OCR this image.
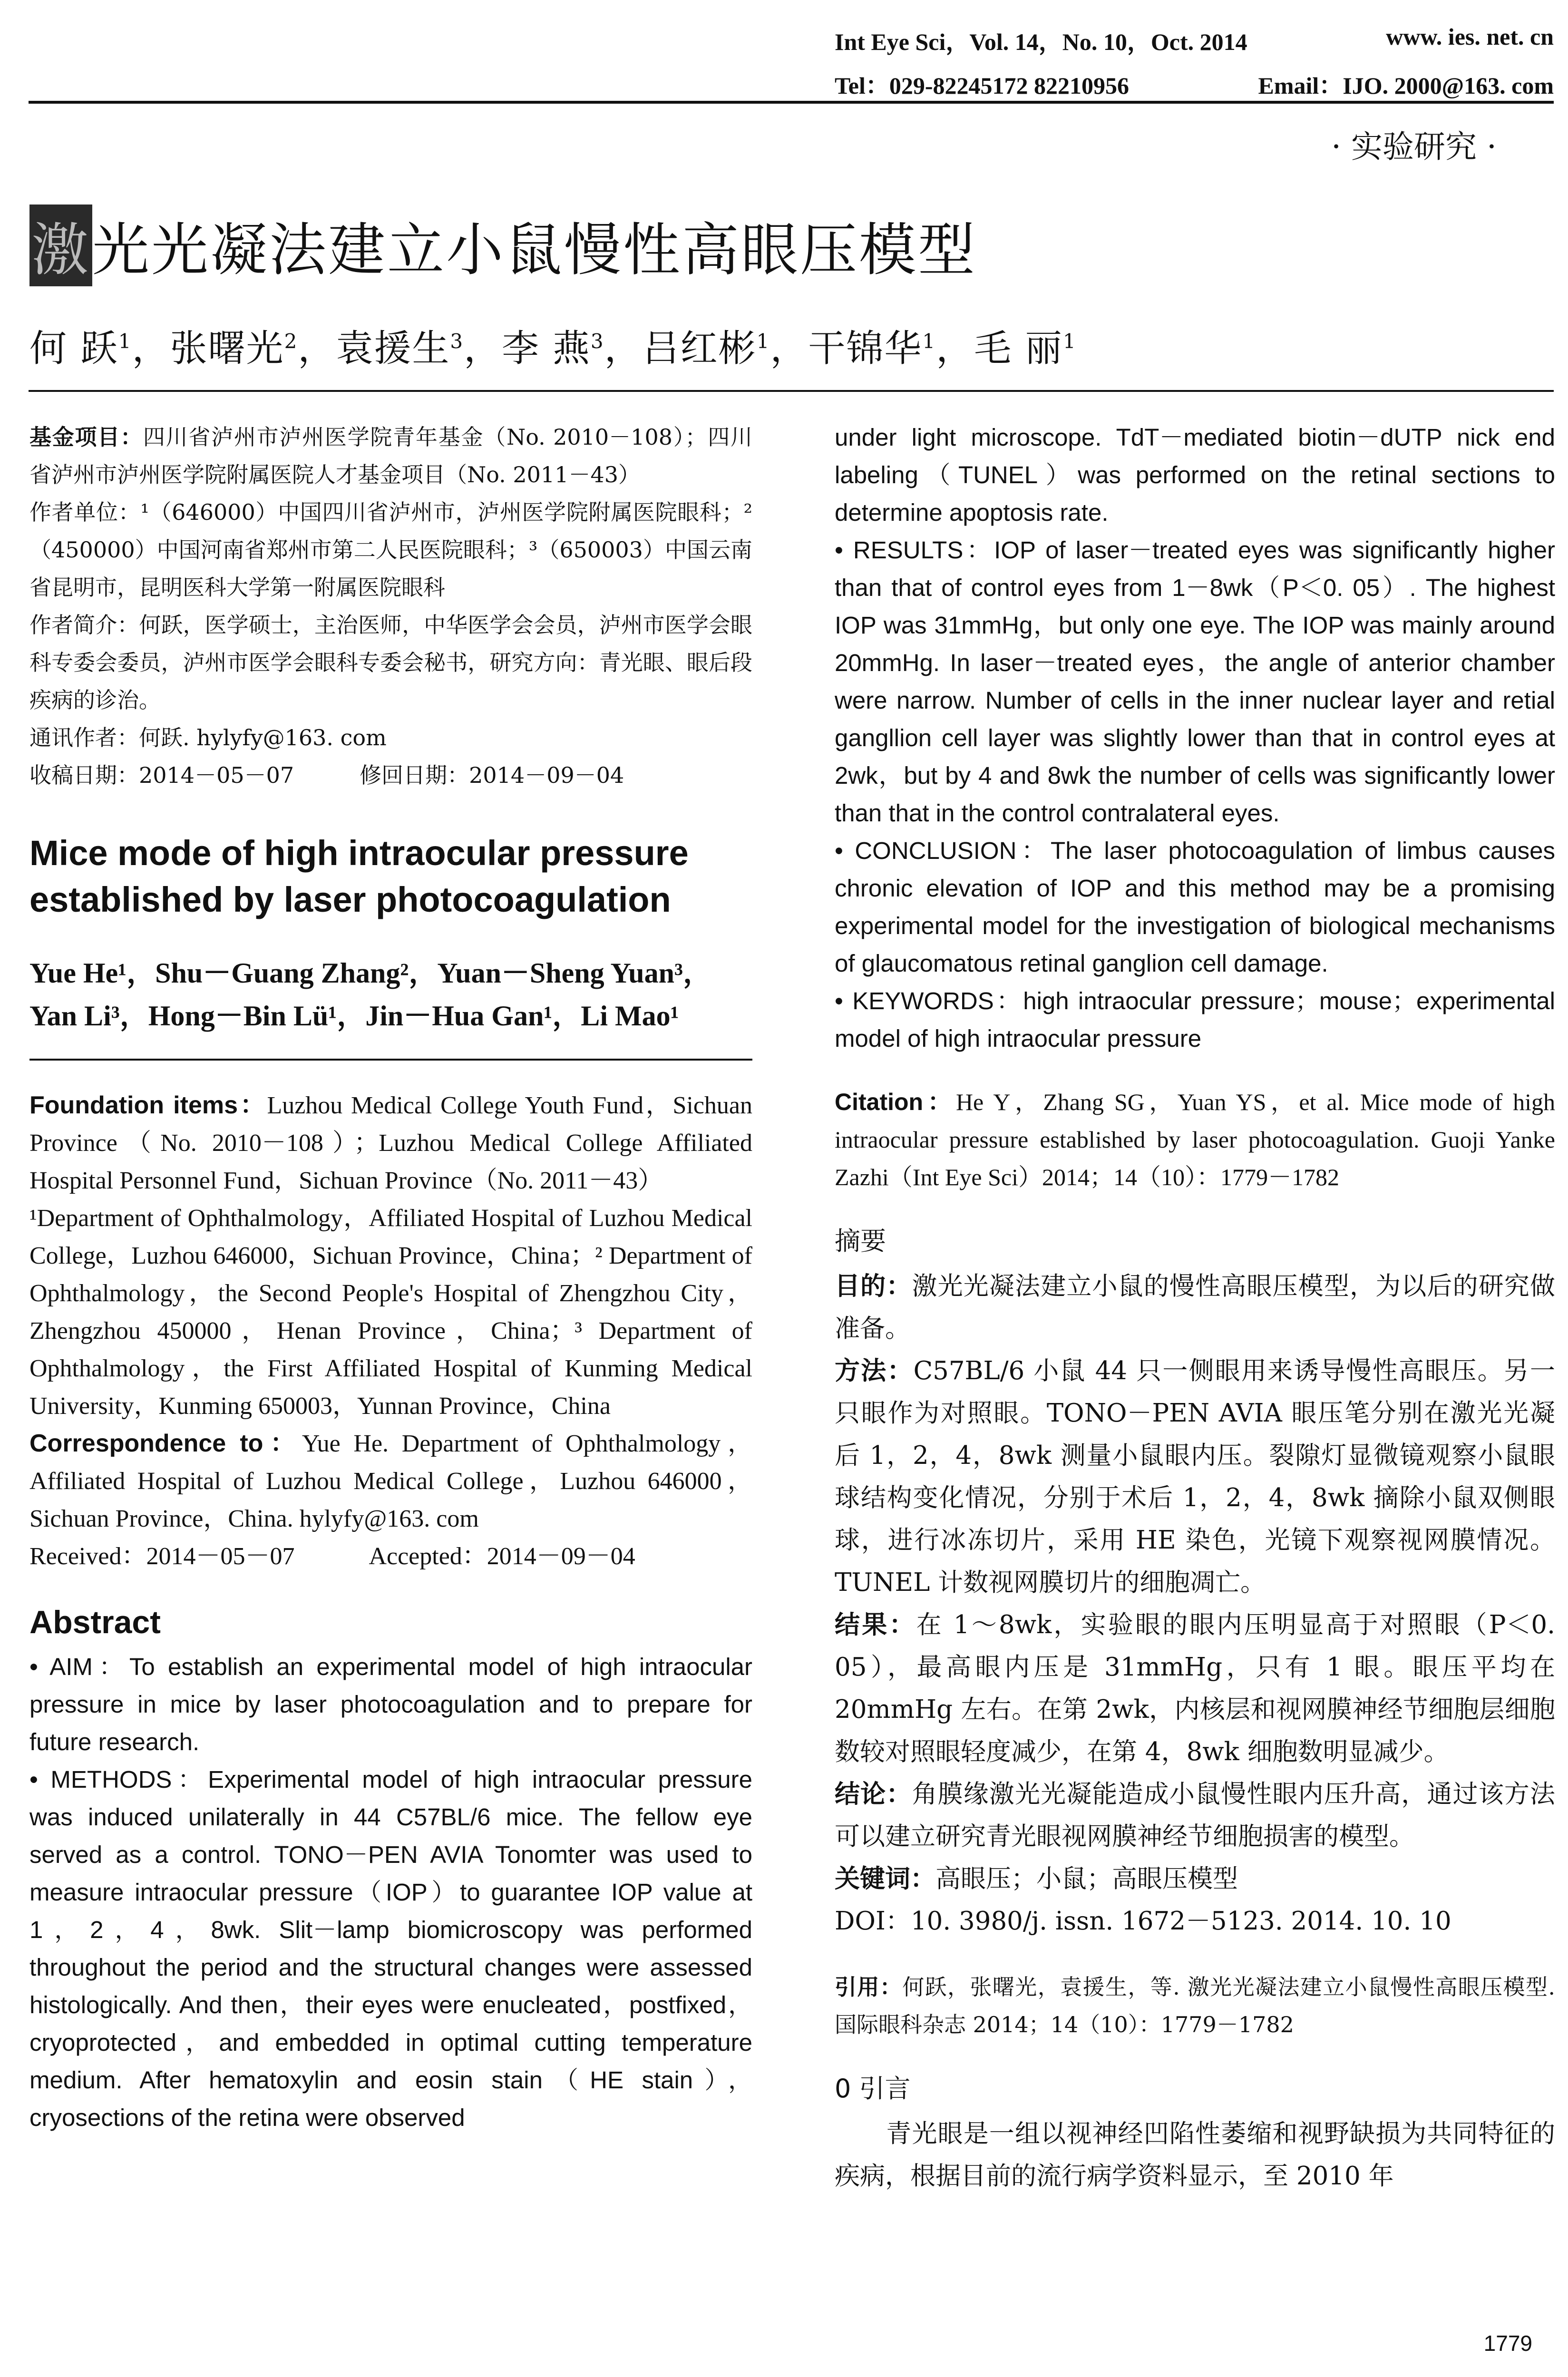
Int Eye Sci，Vol. 14，No. 10，Oct. 2014	www. ies. net. cn
Tel：029-82245172 82210956	Email：IJO. 2000@163. com
· 实验研究 ·
激光光凝法建立小鼠慢性高眼压模型
何 跃$^1$，张曙光$^2$，袁援生$^3$，李 燕$^3$，吕红彬$^1$，干锦华$^1$，毛 丽$^1$

基金项目：四川省泸州市泸州医学院青年基金（No. 2010－108）；四川省泸州市泸州医学院附属医院人才基金项目（No. 2011－43）

作者单位：¹（646000）中国四川省泸州市，泸州医学院附属医院眼科；²（450000）中国河南省郑州市第二人民医院眼科；³（650003）中国云南省昆明市，昆明医科大学第一附属医院眼科

作者简介：何跃，医学硕士，主治医师，中华医学会会员，泸州市医学会眼科专委会委员，泸州市医学会眼科专委会秘书，研究方向：青光眼、眼后段疾病的诊治。

通讯作者：何跃. hylyfy@163. com

收稿日期：2014－05－07　　　修回日期：2014－09－04

Mice mode of high intraocular pressure established by laser photocoagulation

Yue He¹，Shu－Guang Zhang²，Yuan－Sheng Yuan³，

Yan Li³，Hong－Bin Lü¹，Jin－Hua Gan¹，Li Mao¹

Foundation items：Luzhou Medical College Youth Fund，Sichuan Province（No. 2010－108）；Luzhou Medical College Affiliated Hospital Personnel Fund，Sichuan Province（No. 2011－43）

¹Department of Ophthalmology，Affiliated Hospital of Luzhou Medical College，Luzhou 646000，Sichuan Province，China；² Department of Ophthalmology，the Second People's Hospital of Zhengzhou City，Zhengzhou 450000，Henan Province，China；³ Department of Ophthalmology，the First Affiliated Hospital of Kunming Medical University，Kunming 650003，Yunnan Province，China

Correspondence to：Yue He. Department of Ophthalmology，Affiliated Hospital of Luzhou Medical College，Luzhou 646000，Sichuan Province，China. hylyfy@163. com

Received：2014－05－07　　　Accepted：2014－09－04

Abstract

• AIM：To establish an experimental model of high intraocular pressure in mice by laser photocoagulation and to prepare for future research.

• METHODS：Experimental model of high intraocular pressure was induced unilaterally in 44 C57BL/6 mice. The fellow eye served as a control. TONO－PEN AVIA Tonomter was used to measure intraocular pressure（IOP）to guarantee IOP value at 1，2，4，8wk. Slit－lamp biomicroscopy was performed throughout the period and the structural changes were assessed histologically. And then，their eyes were enucleated，postfixed，cryoprotected，and embedded in optimal cutting temperature medium. After hematoxylin and eosin stain（HE stain），cryosections of the retina were observed

under light microscope. TdT－mediated biotin－dUTP nick end labeling（TUNEL）was performed on the retinal sections to determine apoptosis rate.

• RESULTS：IOP of laser－treated eyes was significantly higher than that of control eyes from 1－8wk（P＜0. 05）. The highest IOP was 31mmHg，but only one eye. The IOP was mainly around 20mmHg. In laser－treated eyes，the angle of anterior chamber were narrow. Number of cells in the inner nuclear layer and retial gangllion cell layer was slightly lower than that in control eyes at 2wk，but by 4 and 8wk the number of cells was significantly lower than that in the control contralateral eyes.

• CONCLUSION：The laser photocoagulation of limbus causes chronic elevation of IOP and this method may be a promising experimental model for the investigation of biological mechanisms of glaucomatous retinal ganglion cell damage.

• KEYWORDS：high intraocular pressure；mouse；experimental model of high intraocular pressure

Citation：He Y，Zhang SG，Yuan YS，et al. Mice mode of high intraocular pressure established by laser photocoagulation. Guoji Yanke Zazhi（Int Eye Sci）2014；14（10）：1779－1782

摘要

目的：激光光凝法建立小鼠的慢性高眼压模型，为以后的研究做准备。

方法：C57BL/6 小鼠 44 只一侧眼用来诱导慢性高眼压。另一只眼作为对照眼。TONO－PEN AVIA 眼压笔分别在激光光凝后 1，2，4，8wk 测量小鼠眼内压。裂隙灯显微镜观察小鼠眼球结构变化情况，分别于术后 1，2，4，8wk 摘除小鼠双侧眼球，进行冰冻切片，采用 HE 染色，光镜下观察视网膜情况。TUNEL 计数视网膜切片的细胞凋亡。

结果：在 1～8wk，实验眼的眼内压明显高于对照眼（P＜0. 05），最高眼内压是 31mmHg，只有 1 眼。眼压平均在 20mmHg 左右。在第 2wk，内核层和视网膜神经节细胞层细胞数较对照眼轻度减少，在第 4，8wk 细胞数明显减少。

结论：角膜缘激光光凝能造成小鼠慢性眼内压升高，通过该方法可以建立研究青光眼视网膜神经节细胞损害的模型。

关键词：高眼压；小鼠；高眼压模型

DOI：10. 3980/j. issn. 1672－5123. 2014. 10. 10

引用：何跃，张曙光，袁援生，等. 激光光凝法建立小鼠慢性高眼压模型. 国际眼科杂志 2014；14（10）：1779－1782

0 引言

　　青光眼是一组以视神经凹陷性萎缩和视野缺损为共同特征的疾病，根据目前的流行病学资料显示，至 2010 年

1779
